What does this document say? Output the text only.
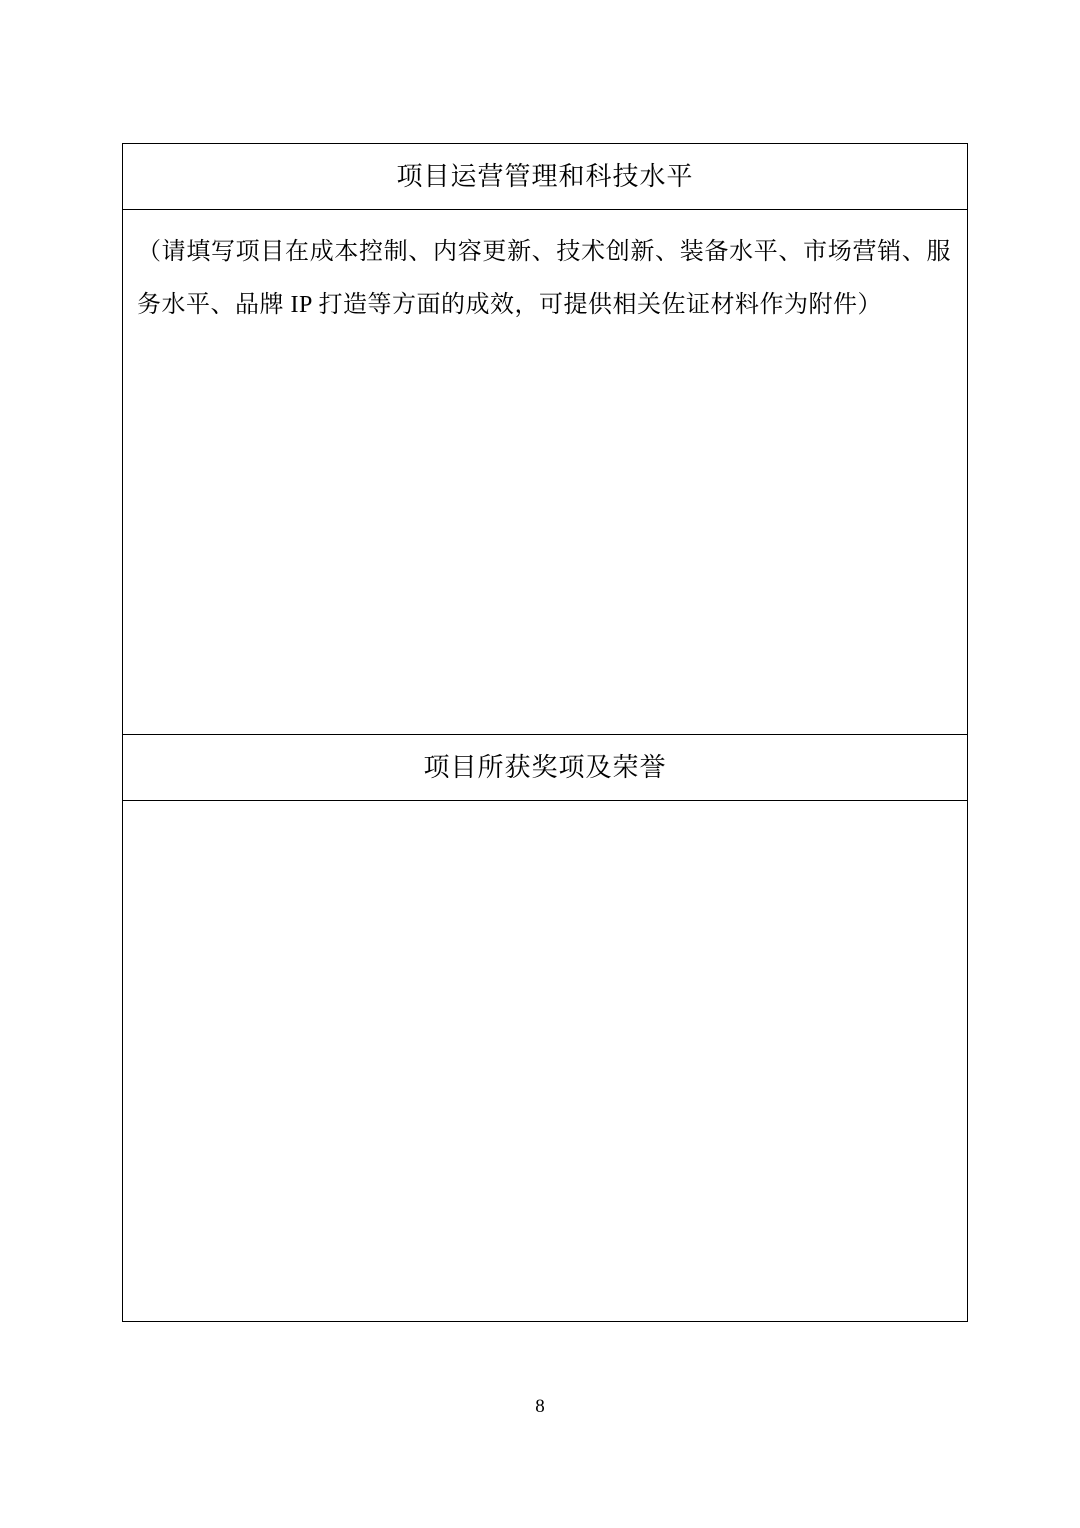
项目运营管理和科技水平

（请填写项目在成本控制、内容更新、技术创新、装备水平、市场营销、服务水平、品牌 IP 打造等方面的成效，可提供相关佐证材料作为附件）

项目所获奖项及荣誉

8
